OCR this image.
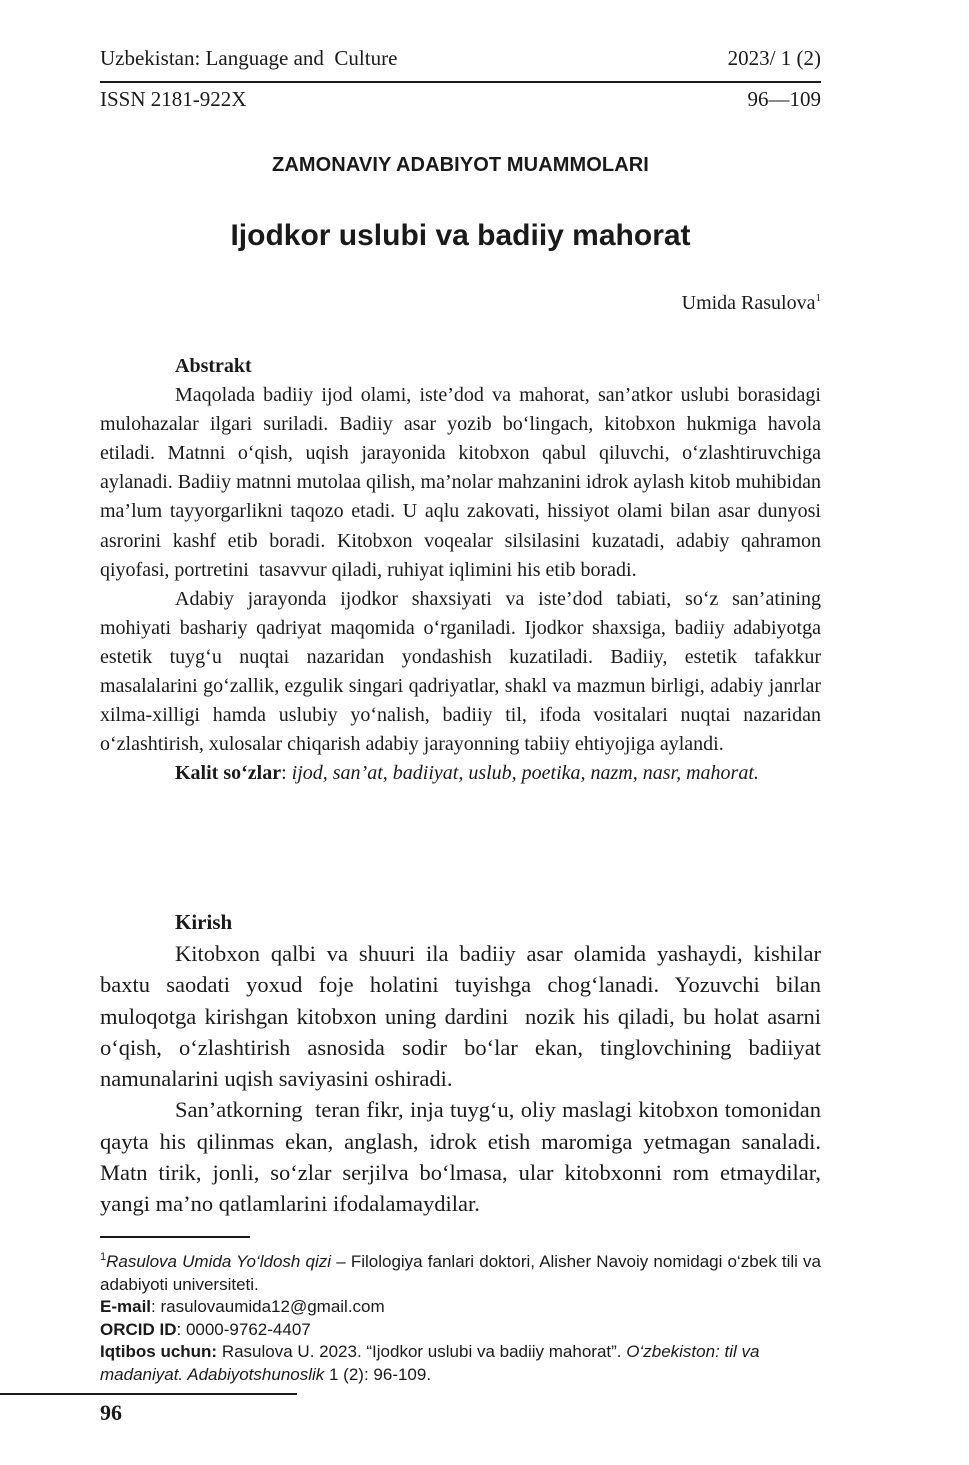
Uzbekistan: Language and  Culture	2023/ 1 (2)
ISSN 2181-922X	96—109
ZAMONAVIY ADABIYOT MUAMMOLARI
Ijodkor uslubi va badiiy mahorat
Umida Rasulova$^1$
Abstrakt

Maqolada badiiy ijod olami, iste’dod va mahorat, san’atkor uslubi borasidagi   mulohazalar ilgari suriladi. Badiiy asar yozib bo‘lingach, kitobxon hukmiga havola etiladi. Matnni o‘qish, uqish jarayonida kitobxon qabul qiluvchi, o‘zlashtiruvchiga aylanadi. Badiiy matnni mutolaa qilish, ma’nolar mahzanini idrok aylash kitob muhibidan ma’lum tayyorgarlikni taqozo etadi. U aqlu zakovati, hissiyot olami bilan asar dunyosi asrorini kashf etib boradi. Kitobxon voqealar silsilasini kuzatadi, adabiy qahramon qiyofasi, portretini  tasavvur qiladi, ruhiyat iqlimini his etib boradi.

Adabiy jarayonda ijodkor shaxsiyati va iste’dod tabiati, so‘z san’atining mohiyati bashariy qadriyat maqomida o‘rganiladi. Ijodkor shaxsiga, badiiy adabiyotga estetik tuyg‘u nuqtai nazaridan yondashish kuzatiladi. Badiiy, estetik tafakkur masalalarini go‘zallik, ezgulik singari qadriyatlar, shakl va mazmun birligi, adabiy janrlar xilma-xilligi hamda uslubiy yo‘nalish, badiiy til, ifoda vositalari nuqtai nazaridan o‘zlashtirish, xulosalar chiqarish adabiy jarayonning tabiiy ehtiyojiga aylandi.

Kalit so‘zlar: ijod, san’at, badiiyat, uslub, poetika, nazm, nasr, mahorat.

Kirish

Kitobxon qalbi va shuuri ila badiiy asar olamida yashaydi, kishilar baxtu saodati yoxud foje holatini tuyishga chog‘lanadi. Yozuvchi bilan muloqotga kirishgan kitobxon uning dardini  nozik his qiladi, bu holat asarni o‘qish, o‘zlashtirish asnosida sodir bo‘lar ekan, tinglovchining badiiyat namunalarini uqish saviyasini oshiradi.

San’atkorning  teran fikr, inja tuyg‘u, oliy maslagi kitobxon tomonidan qayta his qilinmas ekan, anglash, idrok etish maromiga yetmagan sanaladi. Matn tirik, jonli, so‘zlar serjilva bo‘lmasa, ular kitobxonni rom etmaydilar, yangi ma’no qatlamlarini ifodalamaydilar.

$^1$Rasulova Umida Yo‘ldosh qizi – Filologiya fanlari doktori, Alisher Navoiy nomidagi o‘zbek tili va adabiyoti universiteti.

E-mail: rasulovaumida12@gmail.com

ORCID ID: 0000-9762-4407

Iqtibos uchun: Rasulova U. 2023. “Ijodkor uslubi va badiiy mahorat”. O‘zbekiston: til va madaniyat. Adabiyotshunoslik 1 (2): 96-109.

96
